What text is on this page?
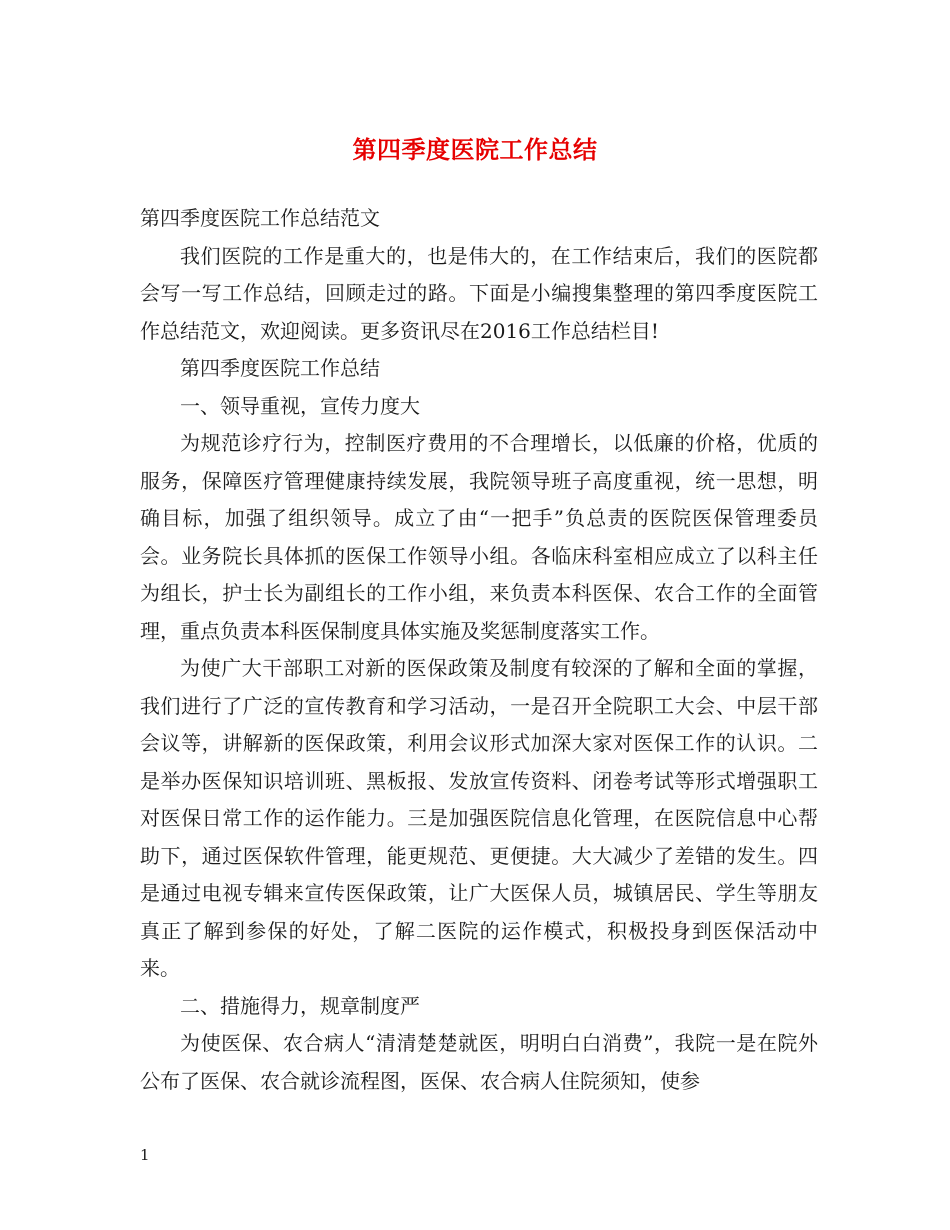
第四季度医院工作总结

第四季度医院工作总结范文

我们医院的工作是重大的，也是伟大的，在工作结束后，我们的医院都会写一写工作总结，回顾走过的路。下面是小编搜集整理的第四季度医院工作总结范文，欢迎阅读。更多资讯尽在2016工作总结栏目!

第四季度医院工作总结

一、领导重视，宣传力度大

为规范诊疗行为，控制医疗费用的不合理增长，以低廉的价格，优质的服务，保障医疗管理健康持续发展，我院领导班子高度重视，统一思想，明确目标，加强了组织领导。成立了由“一把手”负总责的医院医保管理委员会。业务院长具体抓的医保工作领导小组。各临床科室相应成立了以科主任为组长，护士长为副组长的工作小组，来负责本科医保、农合工作的全面管理，重点负责本科医保制度具体实施及奖惩制度落实工作。

为使广大干部职工对新的医保政策及制度有较深的了解和全面的掌握，我们进行了广泛的宣传教育和学习活动，一是召开全院职工大会、中层干部会议等，讲解新的医保政策，利用会议形式加深大家对医保工作的认识。二是举办医保知识培训班、黑板报、发放宣传资料、闭卷考试等形式增强职工对医保日常工作的运作能力。三是加强医院信息化管理，在医院信息中心帮助下，通过医保软件管理，能更规范、更便捷。大大减少了差错的发生。四是通过电视专辑来宣传医保政策，让广大医保人员，城镇居民、学生等朋友真正了解到参保的好处，了解二医院的运作模式，积极投身到医保活动中来。

二、措施得力，规章制度严

为使医保、农合病人“清清楚楚就医，明明白白消费”，我院一是在院外公布了医保、农合就诊流程图，医保、农合病人住院须知，使参

1
